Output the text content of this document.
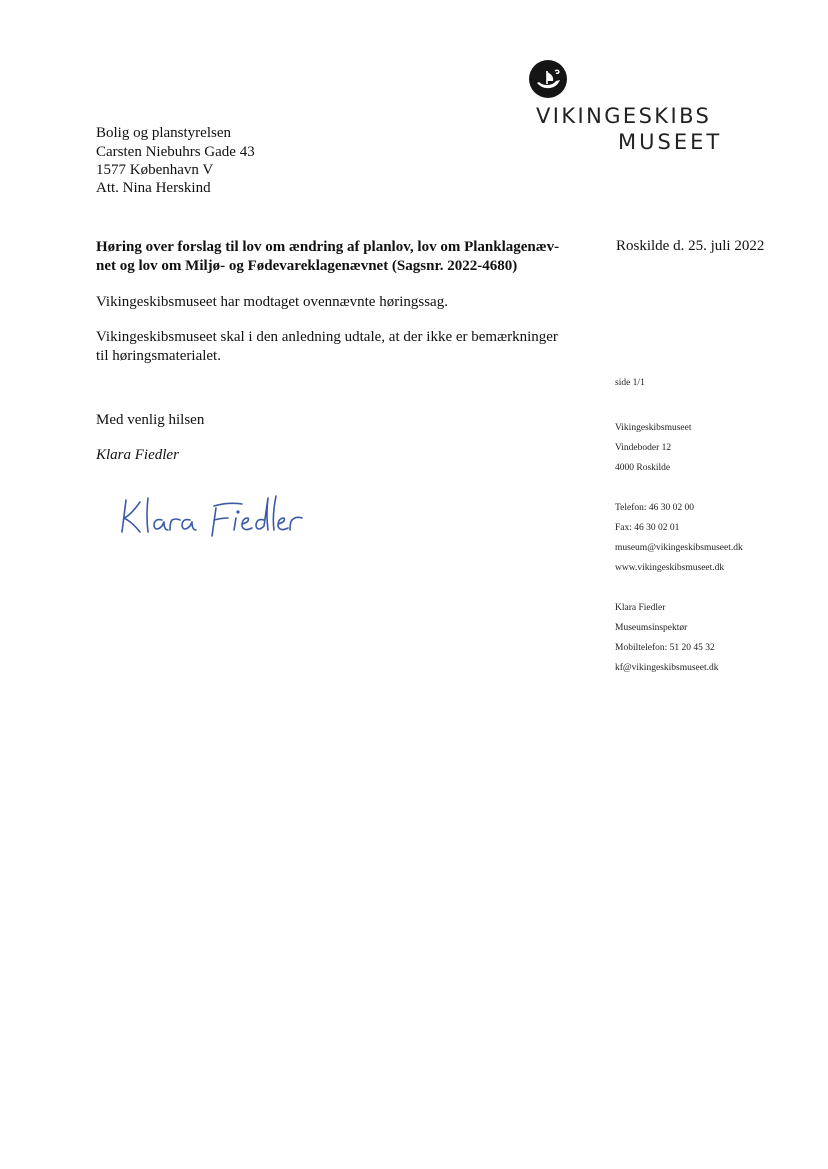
VIKINGESKIBS
MUSEET
Bolig og planstyrelsen
Carsten Niebuhrs Gade 43
1577 København V
Att. Nina Herskind
Roskilde d. 25. juli 2022
Høring over forslag til lov om ændring af planlov, lov om Planklagenæv-
net og lov om Miljø- og Fødevareklagenævnet (Sagsnr. 2022-4680)
Vikingeskibsmuseet har modtaget ovennævnte høringssag.
Vikingeskibsmuseet skal i den anledning udtale, at der ikke er bemærkninger
til høringsmaterialet.
Med venlig hilsen
Klara Fiedler
side 1/1
Vikingeskibsmuseet
Vindeboder 12
4000 Roskilde
Telefon: 46 30 02 00
Fax: 46 30 02 01
museum@vikingeskibsmuseet.dk
www.vikingeskibsmuseet.dk
Klara Fiedler
Museumsinspektør
Mobiltelefon: 51 20 45 32
kf@vikingeskibsmuseet.dk
